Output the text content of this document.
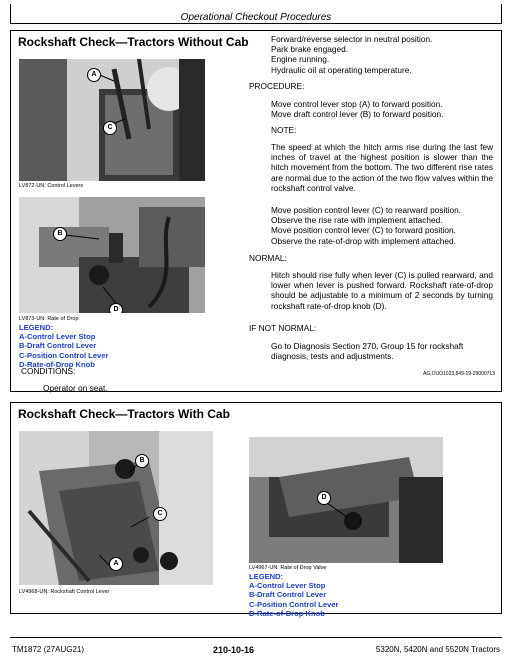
Operational Checkout Procedures
Rockshaft Check—Tractors Without Cab
A
C
LV872-UN: Control Levers
B
D
LV873-UN: Rate of Drop
LEGEND:
A-Control Lever Stop
B-Draft Control Lever
C-Position Control Lever
D-Rate-of-Drop Knob
CONDITIONS:
Operator on seat.
Forward/reverse selector in neutral position.
Park brake engaged.
Engine running.
Hydraulic oil at operating temperature.
PROCEDURE:
Move control lever stop (A) to forward position.
Move draft control lever (B) to forward position.
NOTE:
The speed at which the hitch arms rise during the last few inches of travel at the highest position is slower than the hitch movement from the bottom. The two different rise rates are normal due to the action of the two flow valves within the rockshaft control valve.
Move position control lever (C) to rearward position.
Observe the rise rate with implement attached.
Move position control lever (C) to forward position.
Observe the rate-of-drop with implement attached.
NORMAL:
Hitch should rise fully when lever (C) is pulled rearward, and lower when lever is pushed forward. Rockshaft rate-of-drop should be adjustable to a minimum of 2 seconds by turning rockshaft rate-of-drop knob (D).
IF NOT NORMAL:
Go to Diagnosis Section 270, Group 15 for rockshaft diagnosis, tests and adjustments.
AG,OUO1023,849-19-29000713
Rockshaft Check—Tractors With Cab
B
C
A
LV4968-UN: Rockshaft Control Lever
D
LV4967-UN: Rate of Drop Valve
LEGEND:
A-Control Lever Stop
B-Draft Control Lever
C-Position Control Lever
D-Rate-of-Drop Knob
TM1872 (27AUG21)	210-10-16	5320N, 5420N and 5520N Tractors
